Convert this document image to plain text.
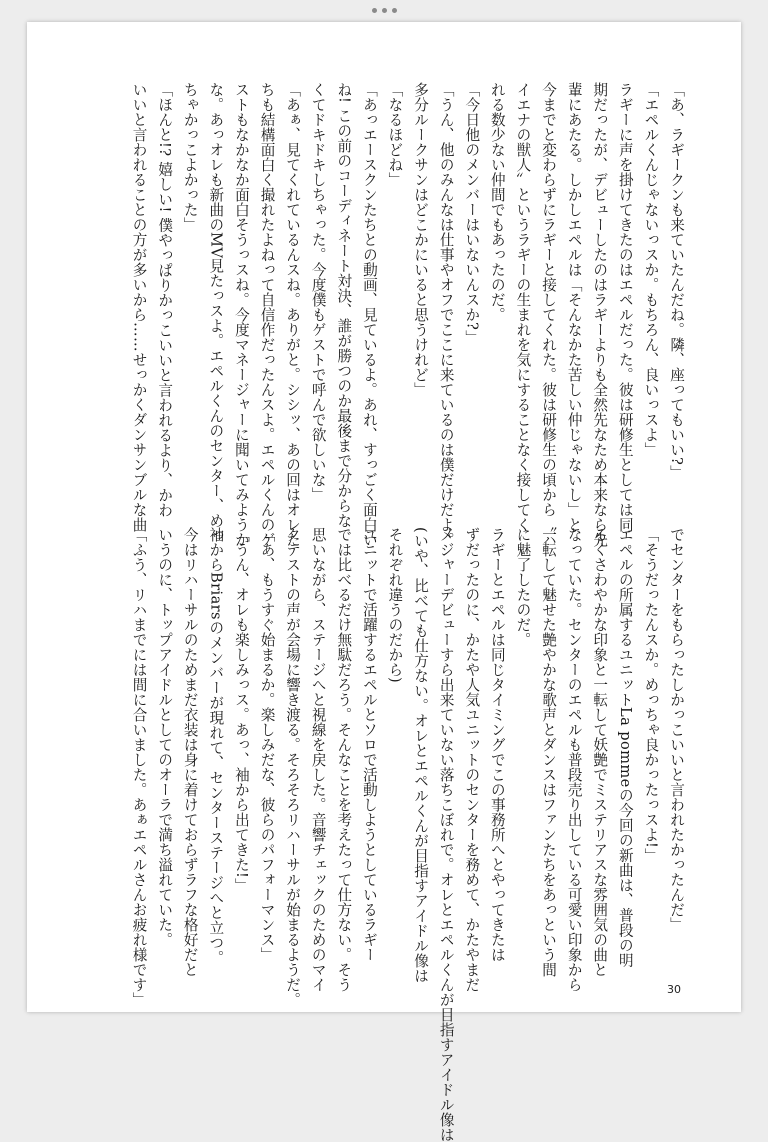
「あ、ラギークンも来ていたんだね。隣、座ってもいい?」
「エペルくんじゃないっスか。もちろん、良いっスよ」
ラギーに声を掛けてきたのはエペルだった。彼は研修生としては同
期だったが、デビューしたのはラギーよりも全然先なため本来なら先
輩にあたる。しかしエペルは「そんなかた苦しい仲じゃないし」と
今までと変わらずにラギーと接してくれた。彼は研修生の頃から〝ハ
イエナの獣人〟というラギーの生まれを気にすることなく接してく
れる数少ない仲間でもあったのだ。
「今日他のメンバーはいないんスか?」
「うん、他のみんなは仕事やオフでここに来ているのは僕だけだよ。
多分ルークサンはどこかにいると思うけれど」
「なるほどね」
「あっエースクンたちとの動画、見ているよ。あれ、すっごく面白い
ね! この前のコーディネート対決、誰が勝つのか最後まで分からな
くてドキドキしちゃった。今度僕もゲストで呼んで欲しいな」
「あぁ、見てくれているんスね。ありがと。シシッ、あの回はオレた
ちも結構面白く撮れたよねって自信作だったんスよ。エペルくんのゲ
ストもなかなか面白そうっスね。今度マネージャーに聞いてみようか
な。あっオレも新曲のMV見たっスよ。エペルくんのセンター、めっ
ちゃかっこよかった」
「ほんと!? 嬉しい! 僕やっぱりかっこいいと言われるより、かわ
いいと言われることの方が多いから……せっかくダンサンブルな曲
でセンターをもらったしかっこいいと言われたかったんだ」
「そうだったんスか。めっちゃ良かったっスよ!」
エペルの所属するユニットLa pommeの今回の新曲は、普段の明
るくさわやかな印象と一転して妖艶でミステリアスな雰囲気の曲と
なっていた。センターのエペルも普段売り出している可愛い印象から
一転して魅せた艶やかな歌声とダンスはファンたちをあっという間
に魅了したのだ。
ラギーとエペルは同じタイミングでこの事務所へとやってきたは
ずだったのに、かたや人気ユニットのセンターを務めて、かたやまだ
メジャーデビューすら出来ていない落ちこぼれで。オレとエペルくんが目指すアイドル像は
(いや、比べても仕方ない。オレとエペルくんが目指すアイドル像は
それぞれ違うのだから)
ユニットで活躍するエペルとソロで活動しようとしているラギー
では比べるだけ無駄だろう。そんなことを考えたって仕方ない。そう
思いながら、ステージへと視線を戻した。音響チェックのためのマイ
クテストの声が会場に響き渡る。そろそろリハーサルが始まるようだ。
「あ、もうすぐ始まるか。楽しみだな、彼らのパフォーマンス」
「うん、オレも楽しみっス。あっ、袖から出てきた!」
袖からBriarsのメンバーが現れて、センターステージへと立つ。
今はリハーサルのためまだ衣装は身に着けておらずラフな格好だと
いうのに、トップアイドルとしてのオーラで満ち溢れていた。
「ふう、リハまでには間に合いました。あぁエペルさんお疲れ様です」	30
